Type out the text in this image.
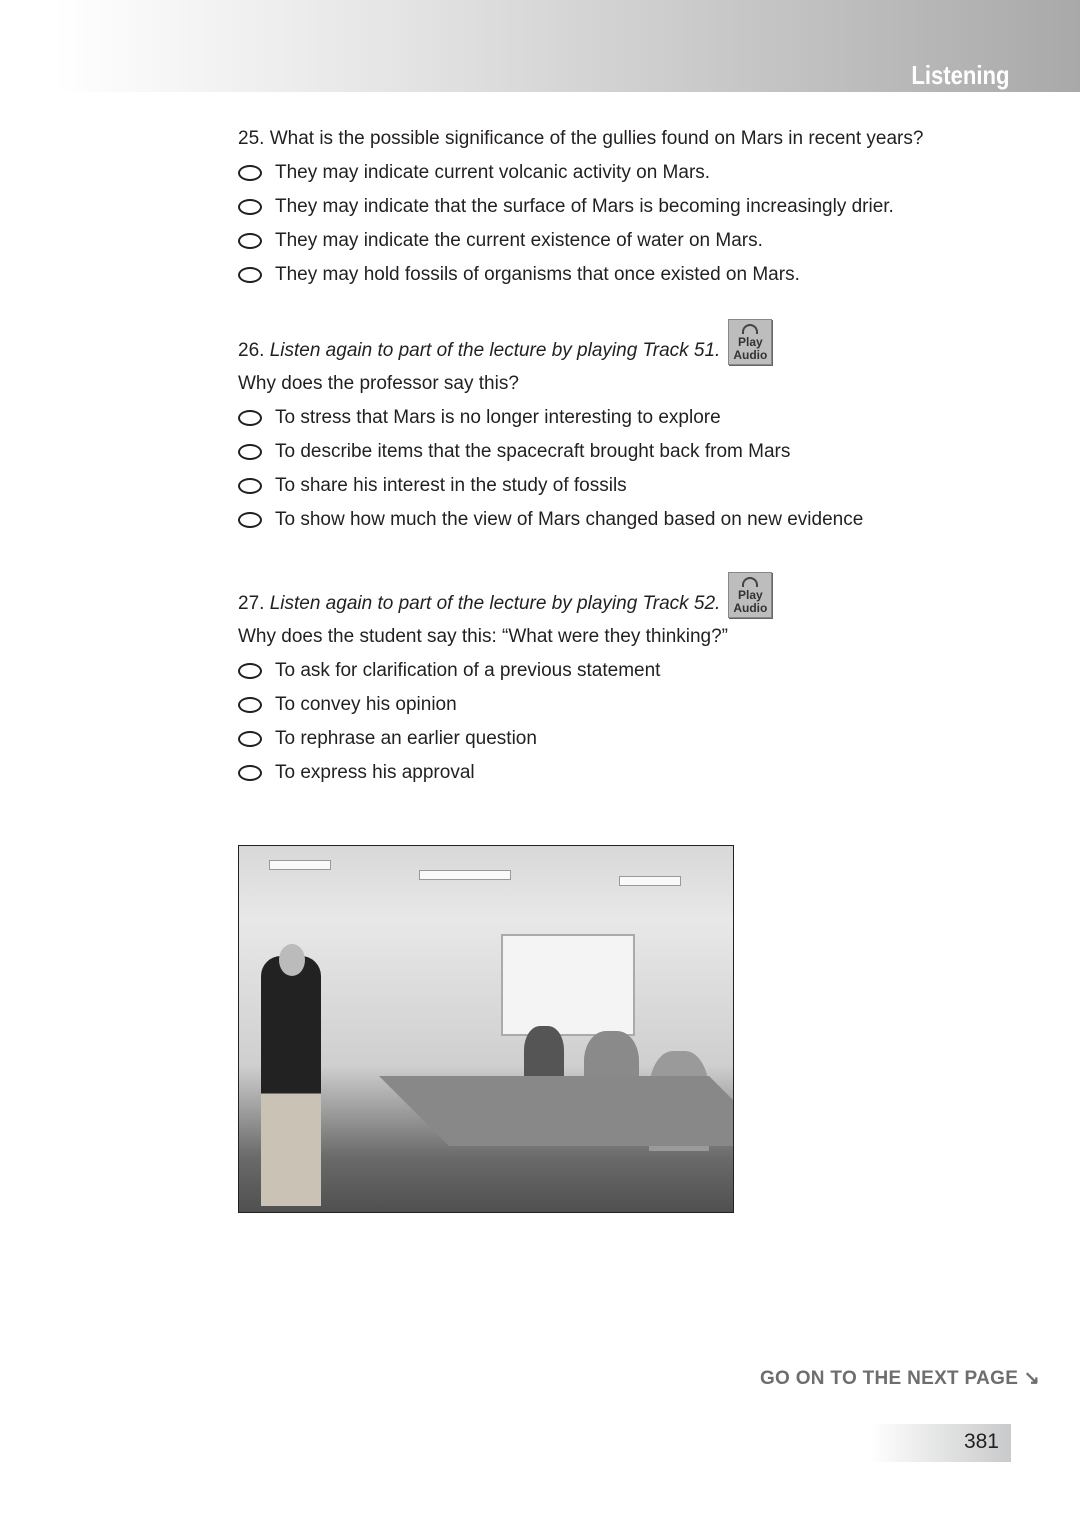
Listening
25. What is the possible significance of the gullies found on Mars in recent years?
They may indicate current volcanic activity on Mars.
They may indicate that the surface of Mars is becoming increasingly drier.
They may indicate the current existence of water on Mars.
They may hold fossils of organisms that once existed on Mars.
26. Listen again to part of the lecture by playing Track 51.	Play
Audio
Why does the professor say this?
To stress that Mars is no longer interesting to explore
To describe items that the spacecraft brought back from Mars
To share his interest in the study of fossils
To show how much the view of Mars changed based on new evidence
27. Listen again to part of the lecture by playing Track 52.	Play
Audio
Why does the student say this: “What were they thinking?”
To ask for clarification of a previous statement
To convey his opinion
To rephrase an earlier question
To express his approval
GO ON TO THE NEXT PAGE ↘
381
